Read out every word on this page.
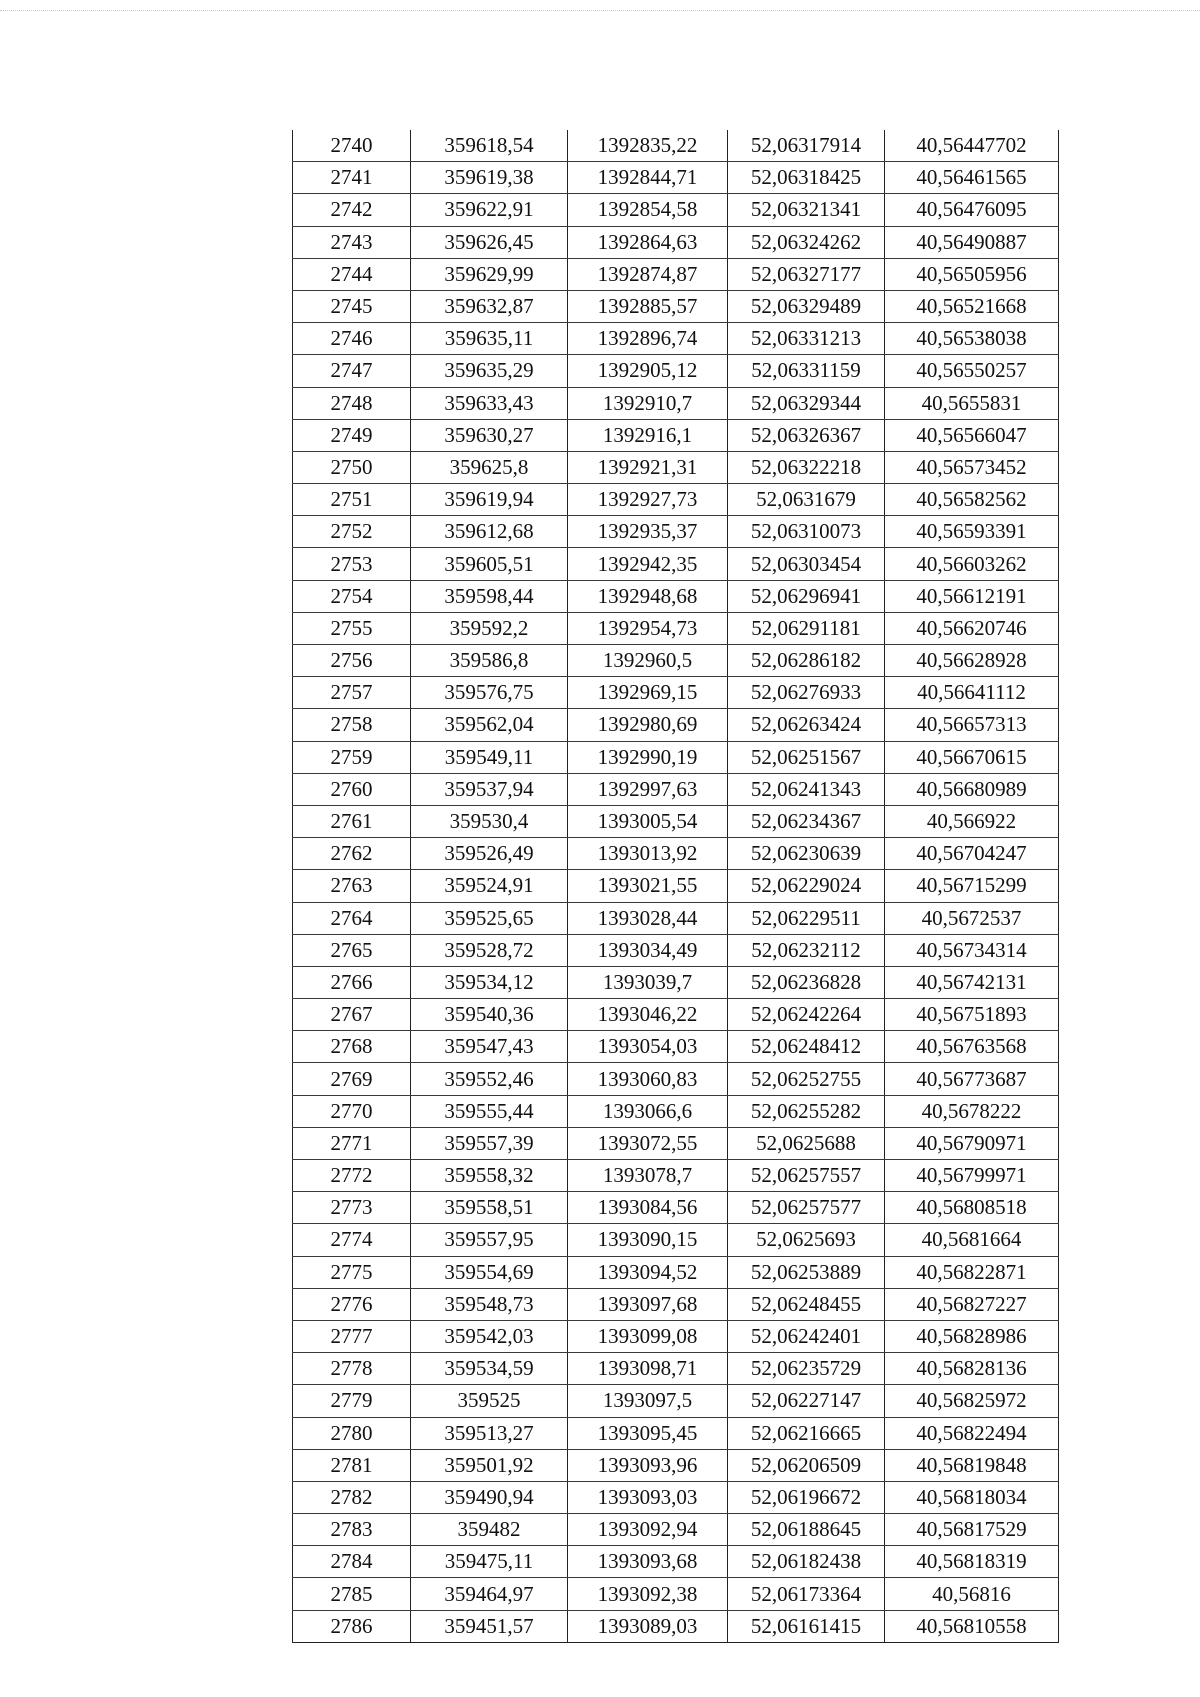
2740	359618,54	1392835,22	52,06317914	40,56447702
2741	359619,38	1392844,71	52,06318425	40,56461565
2742	359622,91	1392854,58	52,06321341	40,56476095
2743	359626,45	1392864,63	52,06324262	40,56490887
2744	359629,99	1392874,87	52,06327177	40,56505956
2745	359632,87	1392885,57	52,06329489	40,56521668
2746	359635,11	1392896,74	52,06331213	40,56538038
2747	359635,29	1392905,12	52,06331159	40,56550257
2748	359633,43	1392910,7	52,06329344	40,5655831
2749	359630,27	1392916,1	52,06326367	40,56566047
2750	359625,8	1392921,31	52,06322218	40,56573452
2751	359619,94	1392927,73	52,0631679	40,56582562
2752	359612,68	1392935,37	52,06310073	40,56593391
2753	359605,51	1392942,35	52,06303454	40,56603262
2754	359598,44	1392948,68	52,06296941	40,56612191
2755	359592,2	1392954,73	52,06291181	40,56620746
2756	359586,8	1392960,5	52,06286182	40,56628928
2757	359576,75	1392969,15	52,06276933	40,56641112
2758	359562,04	1392980,69	52,06263424	40,56657313
2759	359549,11	1392990,19	52,06251567	40,56670615
2760	359537,94	1392997,63	52,06241343	40,56680989
2761	359530,4	1393005,54	52,06234367	40,566922
2762	359526,49	1393013,92	52,06230639	40,56704247
2763	359524,91	1393021,55	52,06229024	40,56715299
2764	359525,65	1393028,44	52,06229511	40,5672537
2765	359528,72	1393034,49	52,06232112	40,56734314
2766	359534,12	1393039,7	52,06236828	40,56742131
2767	359540,36	1393046,22	52,06242264	40,56751893
2768	359547,43	1393054,03	52,06248412	40,56763568
2769	359552,46	1393060,83	52,06252755	40,56773687
2770	359555,44	1393066,6	52,06255282	40,5678222
2771	359557,39	1393072,55	52,0625688	40,56790971
2772	359558,32	1393078,7	52,06257557	40,56799971
2773	359558,51	1393084,56	52,06257577	40,56808518
2774	359557,95	1393090,15	52,0625693	40,5681664
2775	359554,69	1393094,52	52,06253889	40,56822871
2776	359548,73	1393097,68	52,06248455	40,56827227
2777	359542,03	1393099,08	52,06242401	40,56828986
2778	359534,59	1393098,71	52,06235729	40,56828136
2779	359525	1393097,5	52,06227147	40,56825972
2780	359513,27	1393095,45	52,06216665	40,56822494
2781	359501,92	1393093,96	52,06206509	40,56819848
2782	359490,94	1393093,03	52,06196672	40,56818034
2783	359482	1393092,94	52,06188645	40,56817529
2784	359475,11	1393093,68	52,06182438	40,56818319
2785	359464,97	1393092,38	52,06173364	40,56816
2786	359451,57	1393089,03	52,06161415	40,56810558
